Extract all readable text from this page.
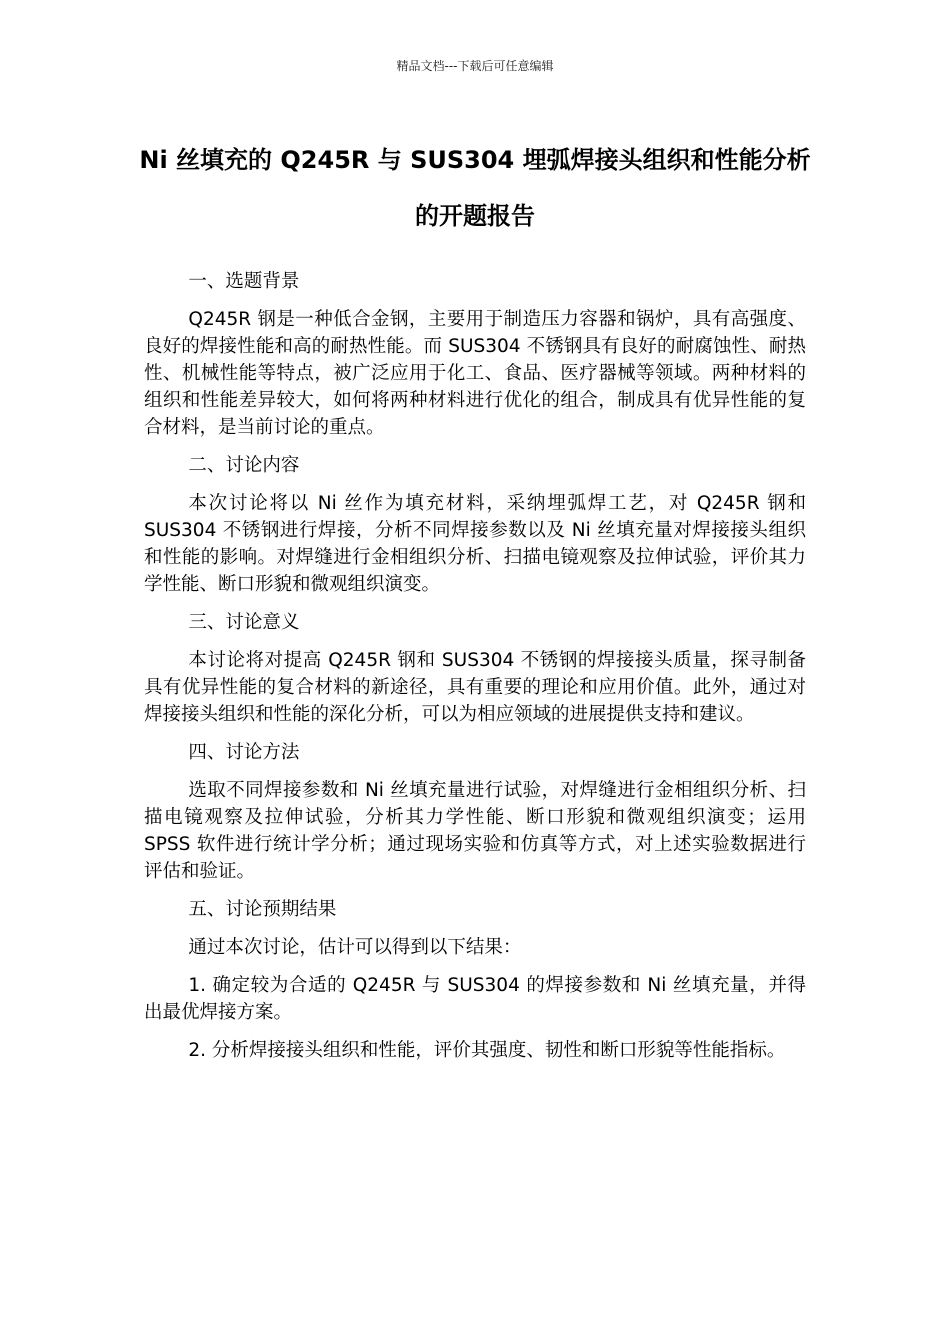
精品文档---下载后可任意编辑
Ni 丝填充的 Q245R 与 SUS304 埋弧焊接头组织和性能分析的开题报告

一、选题背景

Q245R 钢是一种低合金钢，主要用于制造压力容器和锅炉，具有高强度、良好的焊接性能和高的耐热性能。而 SUS304 不锈钢具有良好的耐腐蚀性、耐热性、机械性能等特点，被广泛应用于化工、食品、医疗器械等领域。两种材料的组织和性能差异较大，如何将两种材料进行优化的组合，制成具有优异性能的复合材料，是当前讨论的重点。

二、讨论内容

本次讨论将以 Ni 丝作为填充材料，采纳埋弧焊工艺，对 Q245R 钢和 SUS304 不锈钢进行焊接，分析不同焊接参数以及 Ni 丝填充量对焊接接头组织和性能的影响。对焊缝进行金相组织分析、扫描电镜观察及拉伸试验，评价其力学性能、断口形貌和微观组织演变。

三、讨论意义

本讨论将对提高 Q245R 钢和 SUS304 不锈钢的焊接接头质量，探寻制备具有优异性能的复合材料的新途径，具有重要的理论和应用价值。此外，通过对焊接接头组织和性能的深化分析，可以为相应领域的进展提供支持和建议。

四、讨论方法

选取不同焊接参数和 Ni 丝填充量进行试验，对焊缝进行金相组织分析、扫描电镜观察及拉伸试验，分析其力学性能、断口形貌和微观组织演变；运用 SPSS 软件进行统计学分析；通过现场实验和仿真等方式，对上述实验数据进行评估和验证。

五、讨论预期结果

通过本次讨论，估计可以得到以下结果：

1. 确定较为合适的 Q245R 与 SUS304 的焊接参数和 Ni 丝填充量，并得出最优焊接方案。

2. 分析焊接接头组织和性能，评价其强度、韧性和断口形貌等性能指标。
